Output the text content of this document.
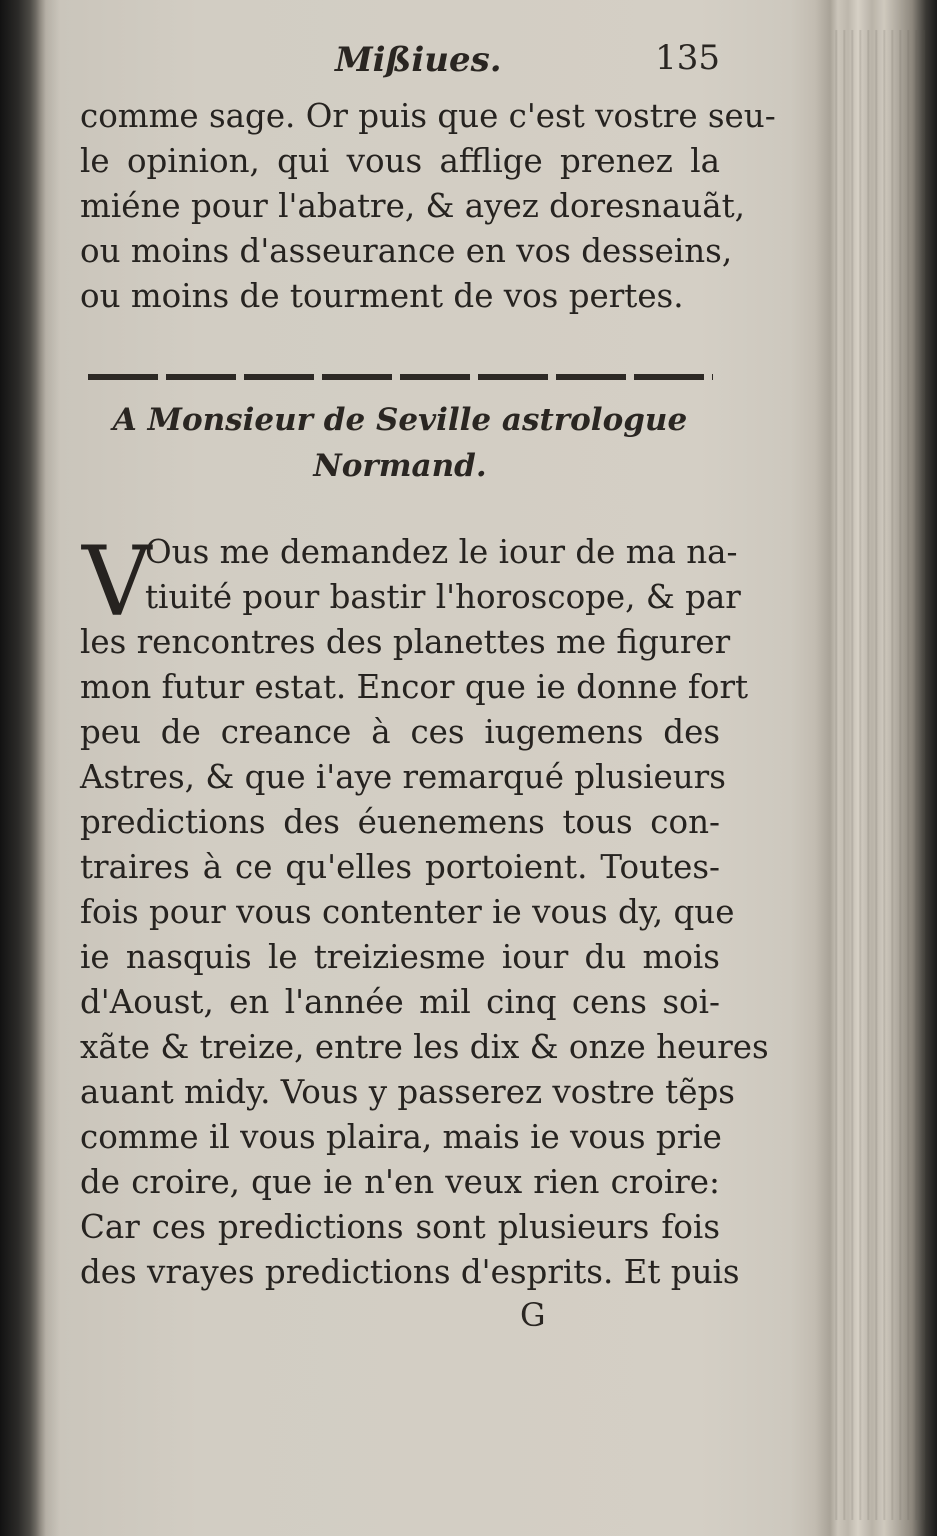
Mißiues.	135

comme sage. Or puis que c'est vostre seu-

le opinion, qui vous afflige prenez la

miéne pour l'abatre, & ayez doresnauãt,

ou moins d'asseurance en vos desseins,

ou moins de tourment de vos pertes.

A Monsieur de Seville astrologue

Normand.

V

Ous me demandez le iour de ma na-

tiuité pour bastir l'horoscope, & par

les rencontres des planettes me figurer

mon futur estat. Encor que ie donne fort

peu de creance à ces iugemens des

Astres, & que i'aye remarqué plusieurs

predictions des éuenemens tous con-

traires à ce qu'elles portoient. Toutes-

fois pour vous contenter ie vous dy, que

ie nasquis le treiziesme iour du mois

d'Aoust, en l'année mil cinq cens soi-

xãte & treize, entre les dix & onze heures

auant midy. Vous y passerez vostre tẽps

comme il vous plaira, mais ie vous prie

de croire, que ie n'en veux rien croire:

Car ces predictions sont plusieurs fois

des vrayes predictions d'esprits. Et puis

G
